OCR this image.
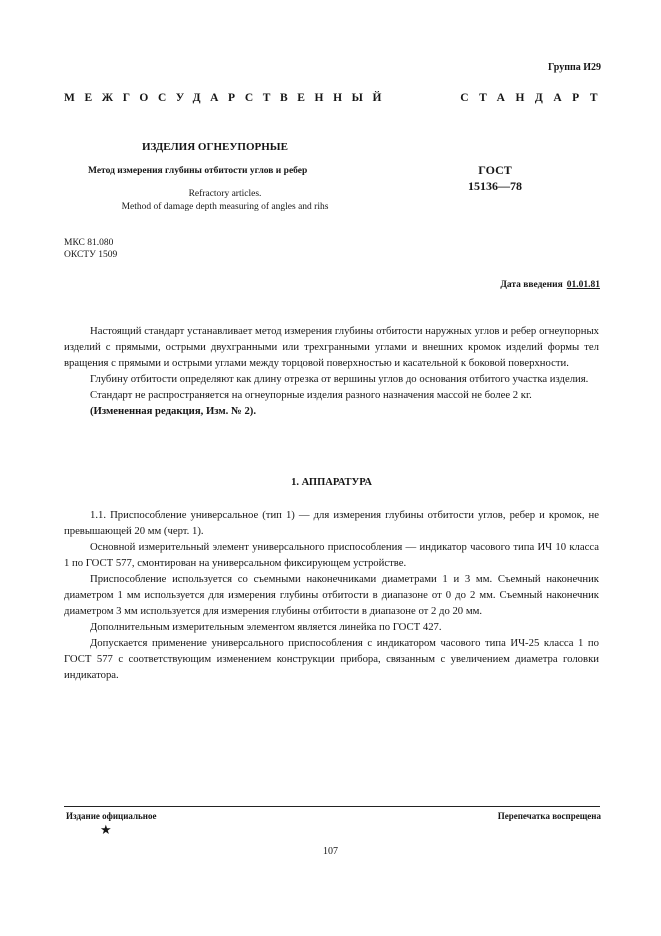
Группа И29
МЕЖГОСУДАРСТВЕННЫЙ	СТАНДАРТ
ИЗДЕЛИЯ ОГНЕУПОРНЫЕ
Метод измерения глубины отбитости углов и ребер	ГОСТ
15136—78
Refractory articles.
Method of damage depth measuring of angles and rihs
МКС 81.080
ОКСТУ 1509
Дата введения 01.01.81

Настоящий стандарт устанавливает метод измерения глубины отбитости наружных углов и ребер огнеупорных изделий с прямыми, острыми двухгранными или трехгранными углами и внешних кромок изделий формы тел вращения с прямыми и острыми углами между торцовой поверхностью и касательной к боковой поверхности.

Глубину отбитости определяют как длину отрезка от вершины углов до основания отбитого участка изделия.

Стандарт не распространяется на огнеупорные изделия разного назначения массой не более 2 кг.

(Измененная редакция, Изм. № 2).

1. АППАРАТУРА

1.1. Приспособление универсальное (тип 1) — для измерения глубины отбитости углов, ребер и кромок, не превышающей 20 мм (черт. 1).

Основной измерительный элемент универсального приспособления — индикатор часового типа ИЧ 10 класса 1 по ГОСТ 577, смонтирован на универсальном фиксирующем устройстве.

Приспособление используется со съемными наконечниками диаметрами 1 и 3 мм. Съемный наконечник диаметром 1 мм используется для измерения глубины отбитости в диапазоне от 0 до 2 мм. Съемный наконечник диаметром 3 мм используется для измерения глубины отбитости в диапазоне от 2 до 20 мм.

Дополнительным измерительным элементом является линейка по ГОСТ 427.

Допускается применение универсального приспособления с индикатором часового типа ИЧ-25 класса 1 по ГОСТ 577 с соответствующим изменением конструкции прибора, связанным с увеличением диаметра головки индикатора.

Издание официальное	Перепечатка воспрещена
★
107
